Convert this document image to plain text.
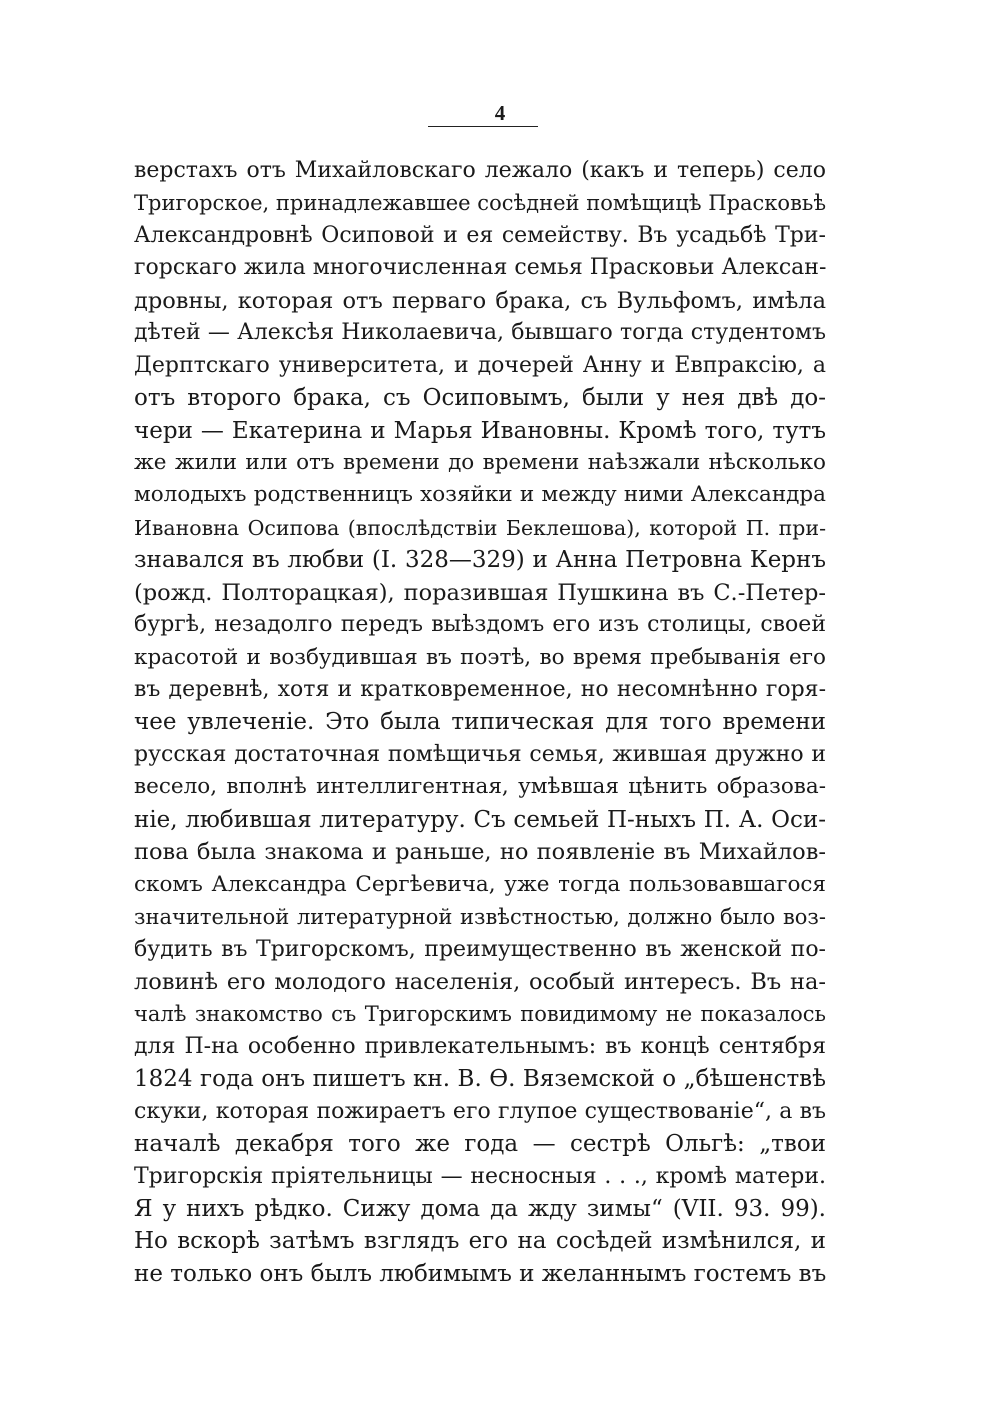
4
верстахъ отъ Михайловскаго лежало (какъ и теперь) село
Тригорское, принадлежавшее сосѣдней помѣщицѣ Прасковьѣ
Александровнѣ Осиповой и ея семейству. Въ усадьбѣ Три-
горскаго жила многочисленная семья Прасковьи Алексан-
дровны, которая отъ перваго брака, съ Вульфомъ, имѣла
дѣтей — Алексѣя Николаевича, бывшаго тогда студентомъ
Дерптскаго университета, и дочерей Анну и Евпраксію, а
отъ второго брака, съ Осиповымъ, были у нея двѣ до-
чери — Екатерина и Марья Ивановны. Кромѣ того, тутъ
же жили или отъ времени до времени наѣзжали нѣсколько
молодыхъ родственницъ хозяйки и между ними Александра
Ивановна Осипова (впослѣдствіи Беклешова), которой П. при-
знавался въ любви (I. 328—329) и Анна Петровна Кернъ
(рожд. Полторацкая), поразившая Пушкина въ С.-Петер-
бургѣ, незадолго передъ выѣздомъ его изъ столицы, своей
красотой и возбудившая въ поэтѣ, во время пребыванія его
въ деревнѣ, хотя и кратковременное, но несомнѣнно горя-
чее увлеченіе. Это была типическая для того времени
русская достаточная помѣщичья семья, жившая дружно и
весело, вполнѣ интеллигентная, умѣвшая цѣнить образова-
ніе, любившая литературу. Съ семьей П-ныхъ П. А. Оси-
пова была знакома и раньше, но появленіе въ Михайлов-
скомъ Александра Сергѣевича, уже тогда пользовавшагося
значительной литературной извѣстностью, должно было воз-
будить въ Тригорскомъ, преимущественно въ женской по-
ловинѣ его молодого населенія, особый интересъ. Въ на-
чалѣ знакомство съ Тригорскимъ повидимому не показалось
для П-на особенно привлекательнымъ: въ концѣ сентября
1824 года онъ пишетъ кн. В. Ѳ. Вяземской о „бѣшенствѣ
скуки, которая пожираетъ его глупое существованіе“, а въ
началѣ декабря того же года — сестрѣ Ольгѣ: „твои
Тригорскія пріятельницы — несносныя . . ., кромѣ матери.
Я у нихъ рѣдко. Сижу дома да жду зимы“ (VII. 93. 99).
Но вскорѣ затѣмъ взглядъ его на сосѣдей измѣнился, и
не только онъ былъ любимымъ и желаннымъ гостемъ въ
